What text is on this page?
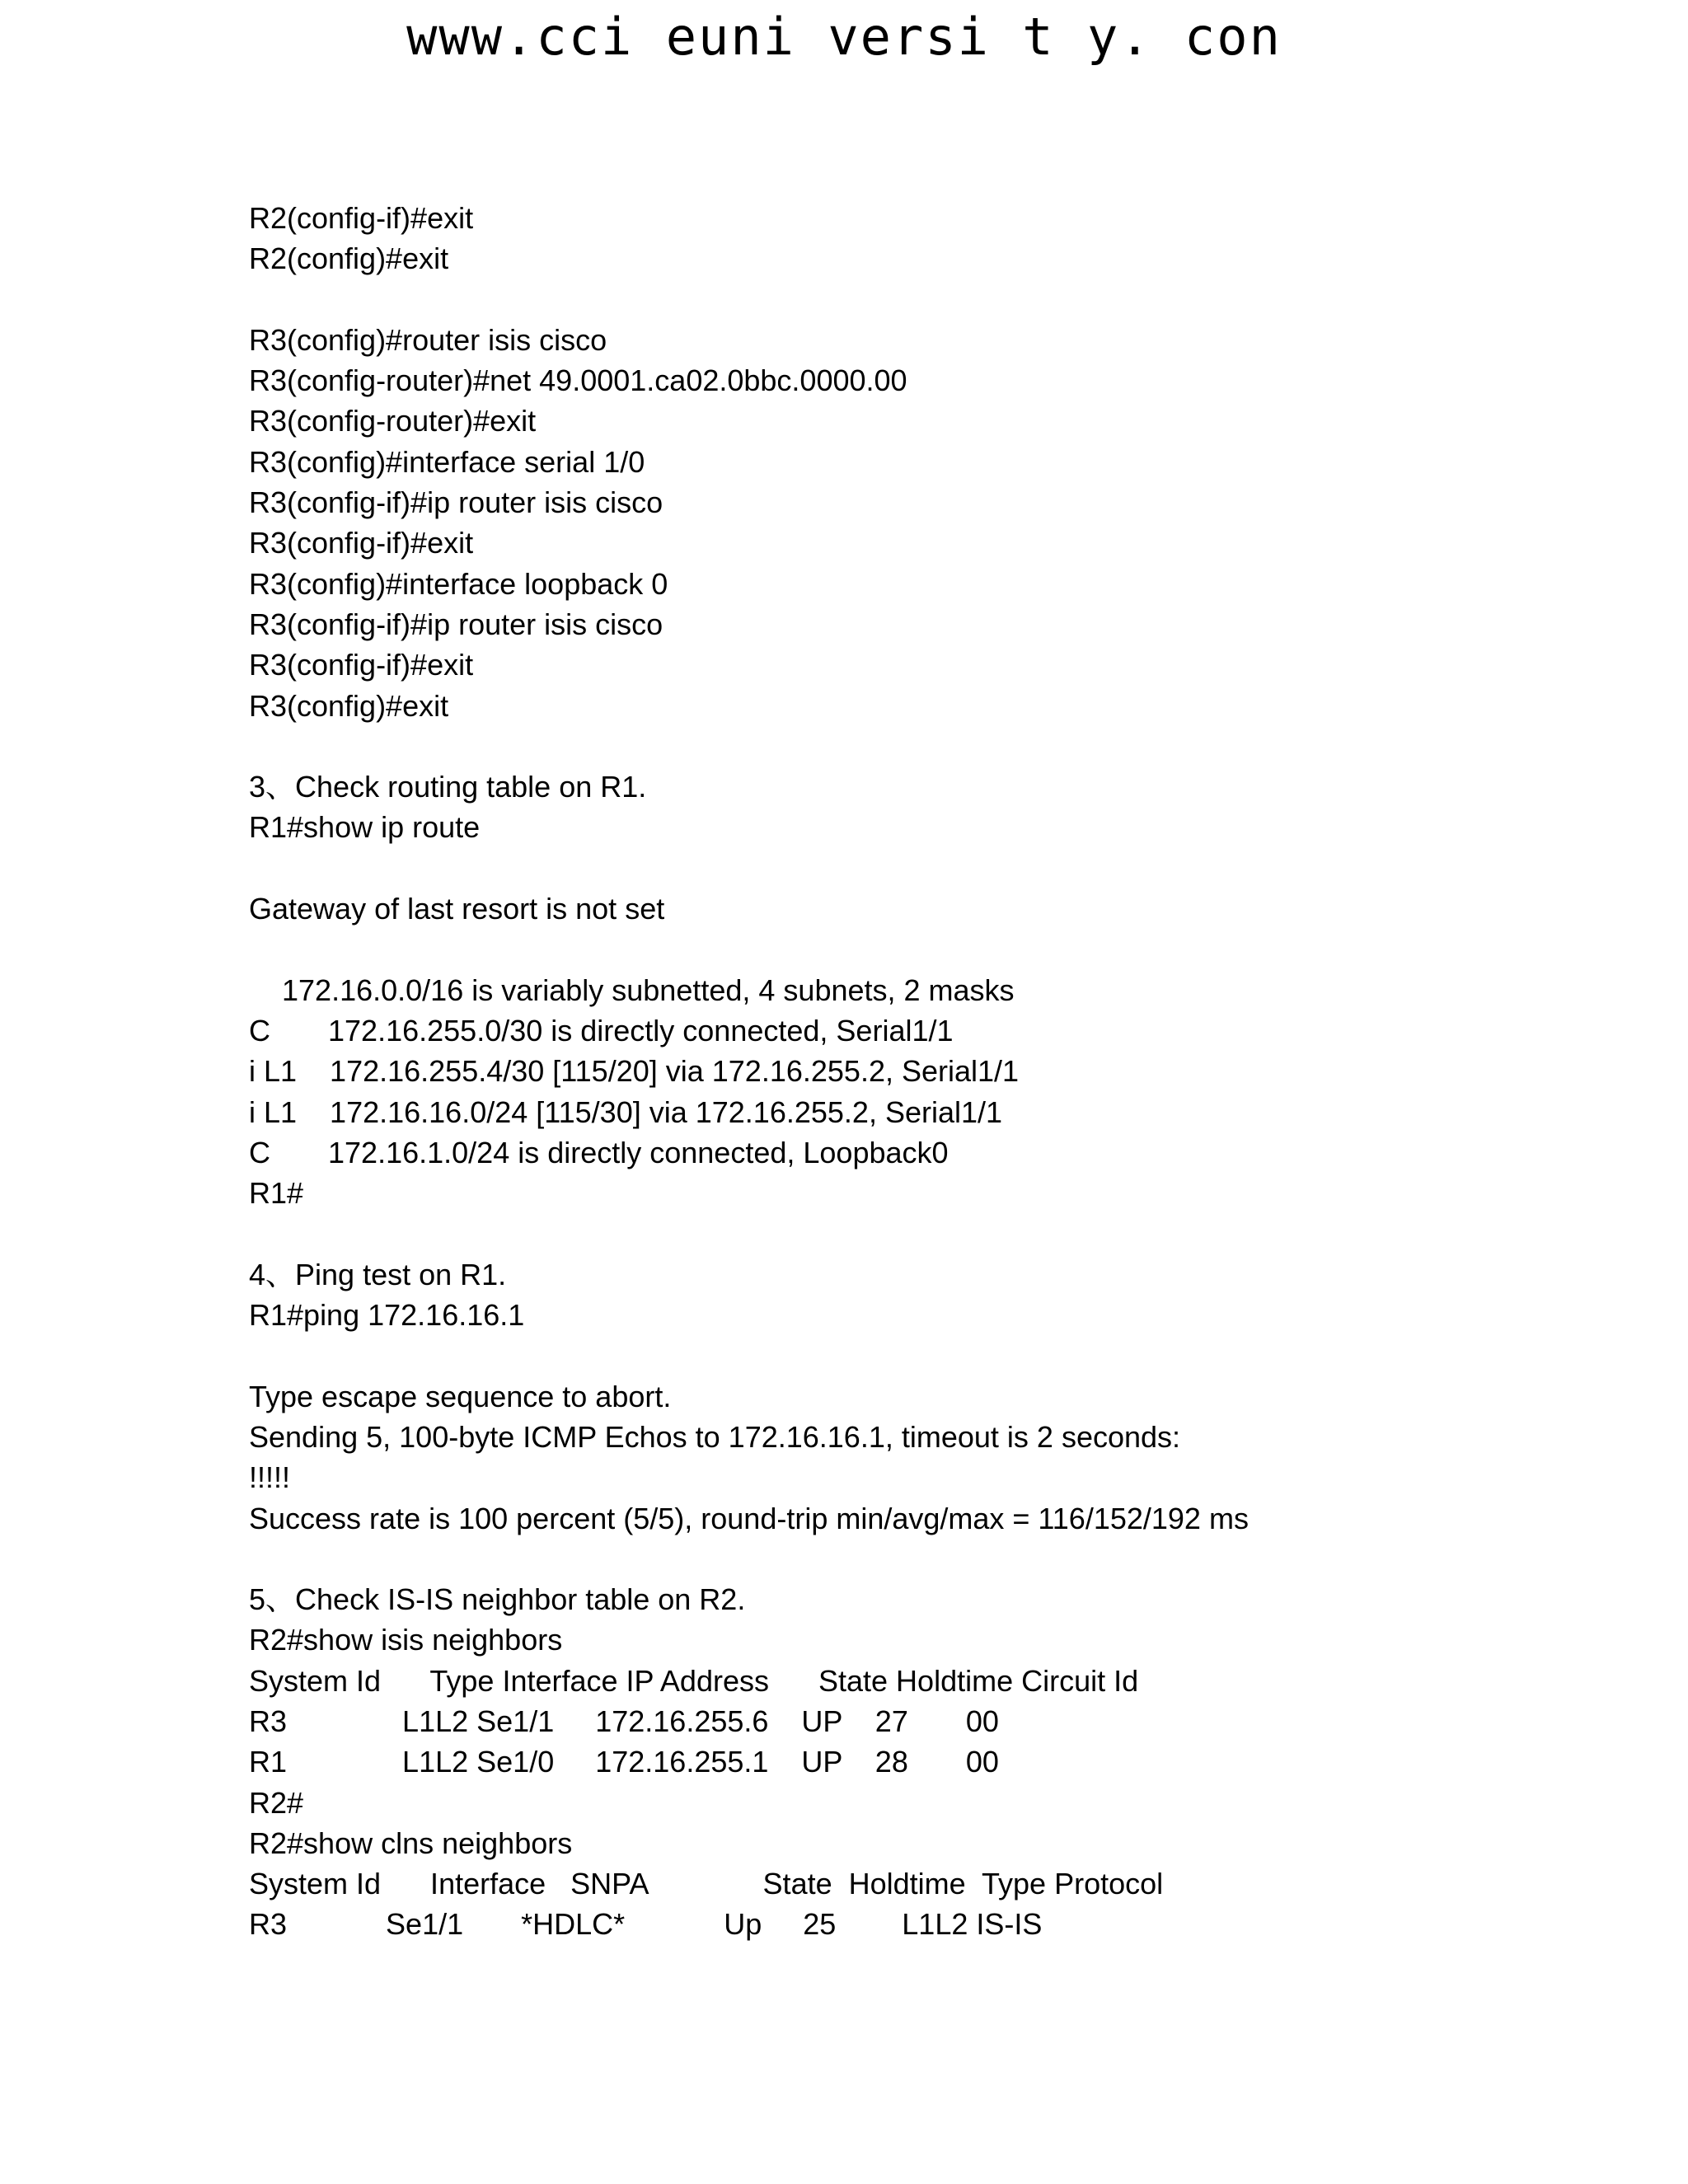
www.cci euni versi t y. con
R2(config-if)#exit
R2(config)#exit
R3(config)#router isis cisco
R3(config-router)#net 49.0001.ca02.0bbc.0000.00
R3(config-router)#exit
R3(config)#interface serial 1/0
R3(config-if)#ip router isis cisco
R3(config-if)#exit
R3(config)#interface loopback 0
R3(config-if)#ip router isis cisco
R3(config-if)#exit
R3(config)#exit
3、Check routing table on R1.
R1#show ip route
Gateway of last resort is not set
172.16.0.0/16 is variably subnetted, 4 subnets, 2 masks
C       172.16.255.0/30 is directly connected, Serial1/1
i L1    172.16.255.4/30 [115/20] via 172.16.255.2, Serial1/1
i L1    172.16.16.0/24 [115/30] via 172.16.255.2, Serial1/1
C       172.16.1.0/24 is directly connected, Loopback0
R1#
4、Ping test on R1.
R1#ping 172.16.16.1
Type escape sequence to abort.
Sending 5, 100-byte ICMP Echos to 172.16.16.1, timeout is 2 seconds:
!!!!!
Success rate is 100 percent (5/5), round-trip min/avg/max = 116/152/192 ms
5、Check IS-IS neighbor table on R2.
R2#show isis neighbors
System Id      Type Interface IP Address      State Holdtime Circuit Id
R3              L1L2 Se1/1     172.16.255.6    UP    27       00
R1              L1L2 Se1/0     172.16.255.1    UP    28       00
R2#
R2#show clns neighbors
System Id      Interface   SNPA              State  Holdtime  Type Protocol
R3            Se1/1       *HDLC*            Up     25        L1L2 IS-IS
